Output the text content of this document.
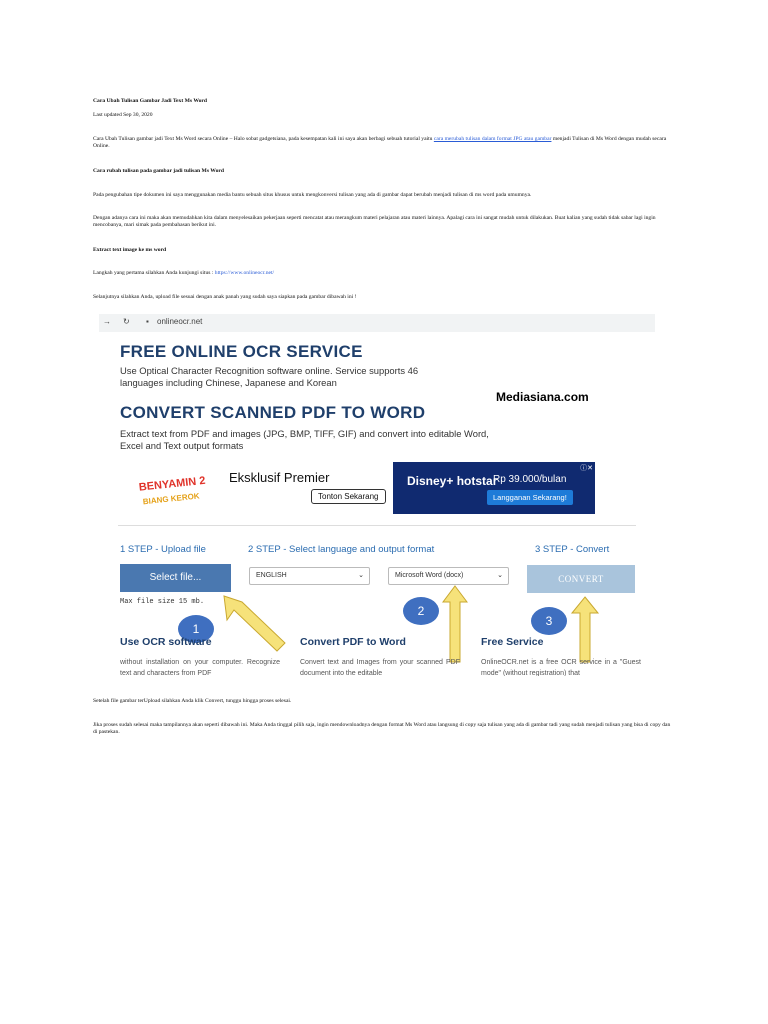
Cara Ubah Tulisan Gambar Jadi Text Ms Word

Last updated Sep 30, 2020

Cara Ubah Tulisan gambar jadi Text Ms Word secara Online – Halo sobat gadgetsiana, pada kesempatan kali ini saya akan berbagi sebuah tutorial yaitu cara merubah tulisan dalam format JPG atau gambar menjadi Tulisan di Ms Word dengan mudah secara Online.

Cara rubah tulisan pada gambar jadi tulisan Ms Word

Pada pengubahan tipe dokumen ini saya menggunakan media bantu sebuah situs khusus untuk mengkonversi tulisan yang ada di gambar dapat berubah menjadi tulisan di ms word pada umumnya.

Dengan adanya cara ini maka akan memudahkan kita dalam menyelesaikan pekerjaan seperti mencatat atau merangkum materi pelajaran atau materi lainnya. Apalagi cara ini sangat mudah untuk dilakukan. Buat kalian yang sudah tidak sabar lagi ingin mencobanya, mari simak pada pembahasan berikut ini.

Extract text image ke ms word

Langkah yang pertama silahkan Anda kunjungi situs : https://www.onlineocr.net/

Selanjutnya silahkan Anda, upload file sesuai dengan anak panah yang sudah saya siapkan pada gambar dibawah ini !

Setelah file gambar terUpload silahkan Anda klik Convert, tunggu hingga proses selesai.

Jika proses sudah selesai maka tampilannya akan seperti dibawah ini. Maka Anda tinggal pilih saja, ingin mendownloadnya dengan format Ms Word atau langsung di copy saja tulisan yang ada di gambar tadi yang sudah menjadi tulisan yang bisa di copy dan di pastekan.

→ ↻ ▪ onlineocr.net
FREE ONLINE OCR SERVICE
Use Optical Character Recognition software online. Service supports 46 languages including Chinese, Japanese and Korean
Mediasiana.com
CONVERT SCANNED PDF TO WORD
Extract text from PDF and images (JPG, BMP, TIFF, GIF) and convert into editable Word, Excel and Text output formats
BENYAMIN 2
BIANG KEROK
Eksklusif Premier
Tonton Sekarang
Disney+ hotstar
Rp 39.000/bulan
Langganan Sekarang!
ⓘ✕
1 STEP - Upload file	2 STEP - Select language and output format	3 STEP - Convert
Select file...
Max file size 15 mb.
ENGLISH	⌄	Microsoft Word (docx)	⌄	CONVERT
1
2
3
Use OCR software	Convert PDF to Word	Free Service
without installation on your computer. Recognize text and characters from PDF
Convert text and Images from your scanned PDF document into the editable
OnlineOCR.net is a free OCR service in a "Guest mode" (without registration) that
